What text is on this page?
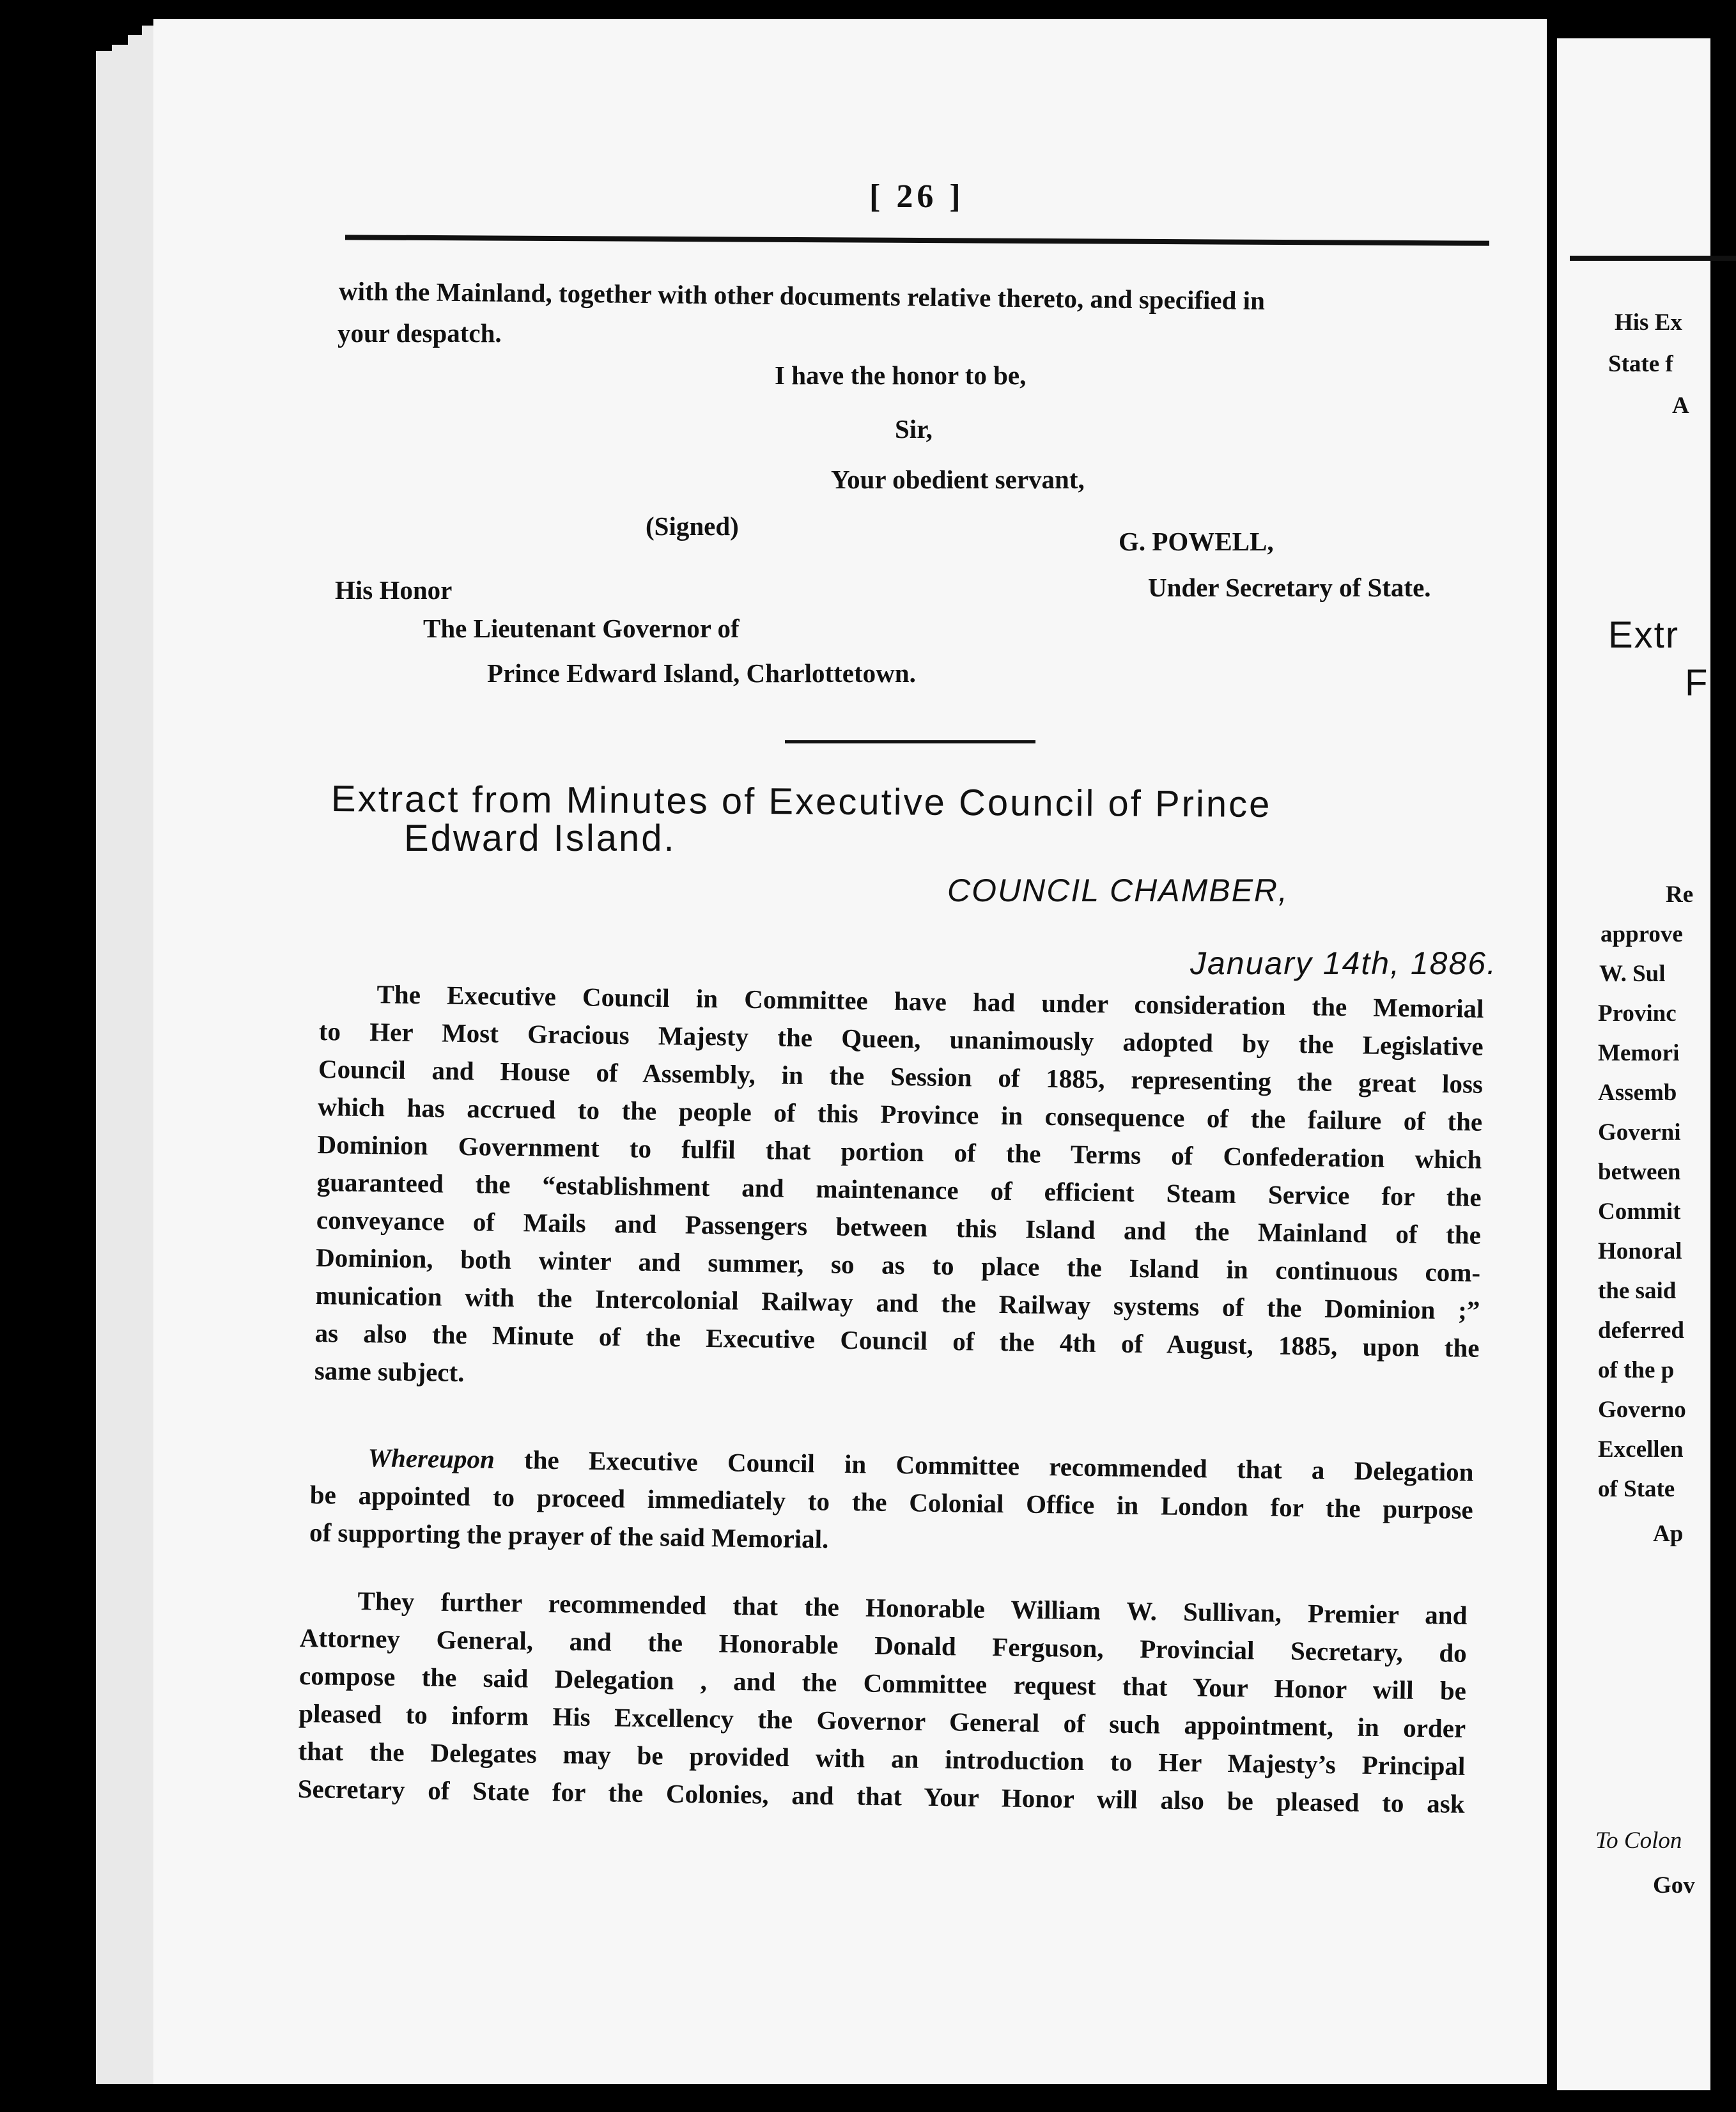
[ 26 ]
with the Mainland, together with other documents relative thereto, and specified in
your despatch.
I have the honor to be,
Sir,
Your obedient servant,
(Signed)
G. POWELL,
Under Secretary of State.
His Honor
The Lieutenant Governor of
Prince Edward Island, Charlottetown.
Extract from Minutes of Executive Council of Prince
Edward Island.
COUNCIL CHAMBER,
January 14th, 1886.
The Executive Council in Committee have had under consideration the Memorial
to Her Most Gracious Majesty the Queen, unanimously adopted by the Legislative
Council and House of Assembly, in the Session of 1885, representing the great loss
which has accrued to the people of this Province in consequence of the failure of the
Dominion Government to fulfil that portion of the Terms of Confederation which
guaranteed the “establishment and maintenance of efficient Steam Service for the
conveyance of Mails and Passengers between this Island and the Mainland of the
Dominion, both winter and summer, so as to place the Island in continuous com-
munication with the Intercolonial Railway and the Railway systems of the Dominion ;”
as also the Minute of the Executive Council of the 4th of August, 1885, upon the
same subject.
Whereupon the Executive Council in Committee recommended that a Delegation
be appointed to proceed immediately to the Colonial Office in London for the purpose
of supporting the prayer of the said Memorial.
They further recommended that the Honorable William W. Sullivan, Premier and
Attorney General, and the Honorable Donald Ferguson, Provincial Secretary, do
compose the said Delegation , and the Committee request that Your Honor will be
pleased to inform His Excellency the Governor General of such appointment, in order
that the Delegates may be provided with an introduction to Her Majesty’s Principal
Secretary of State for the Colonies, and that Your Honor will also be pleased to ask
His Ex
State f
A
Extr
F
Re
approve
W. Sul
Provinc
Memori
Assemb
Governi
between
Commit
Honoral
the said
deferred
of the p
Governo
Excellen
of State
Ap
To Colon
Gov
